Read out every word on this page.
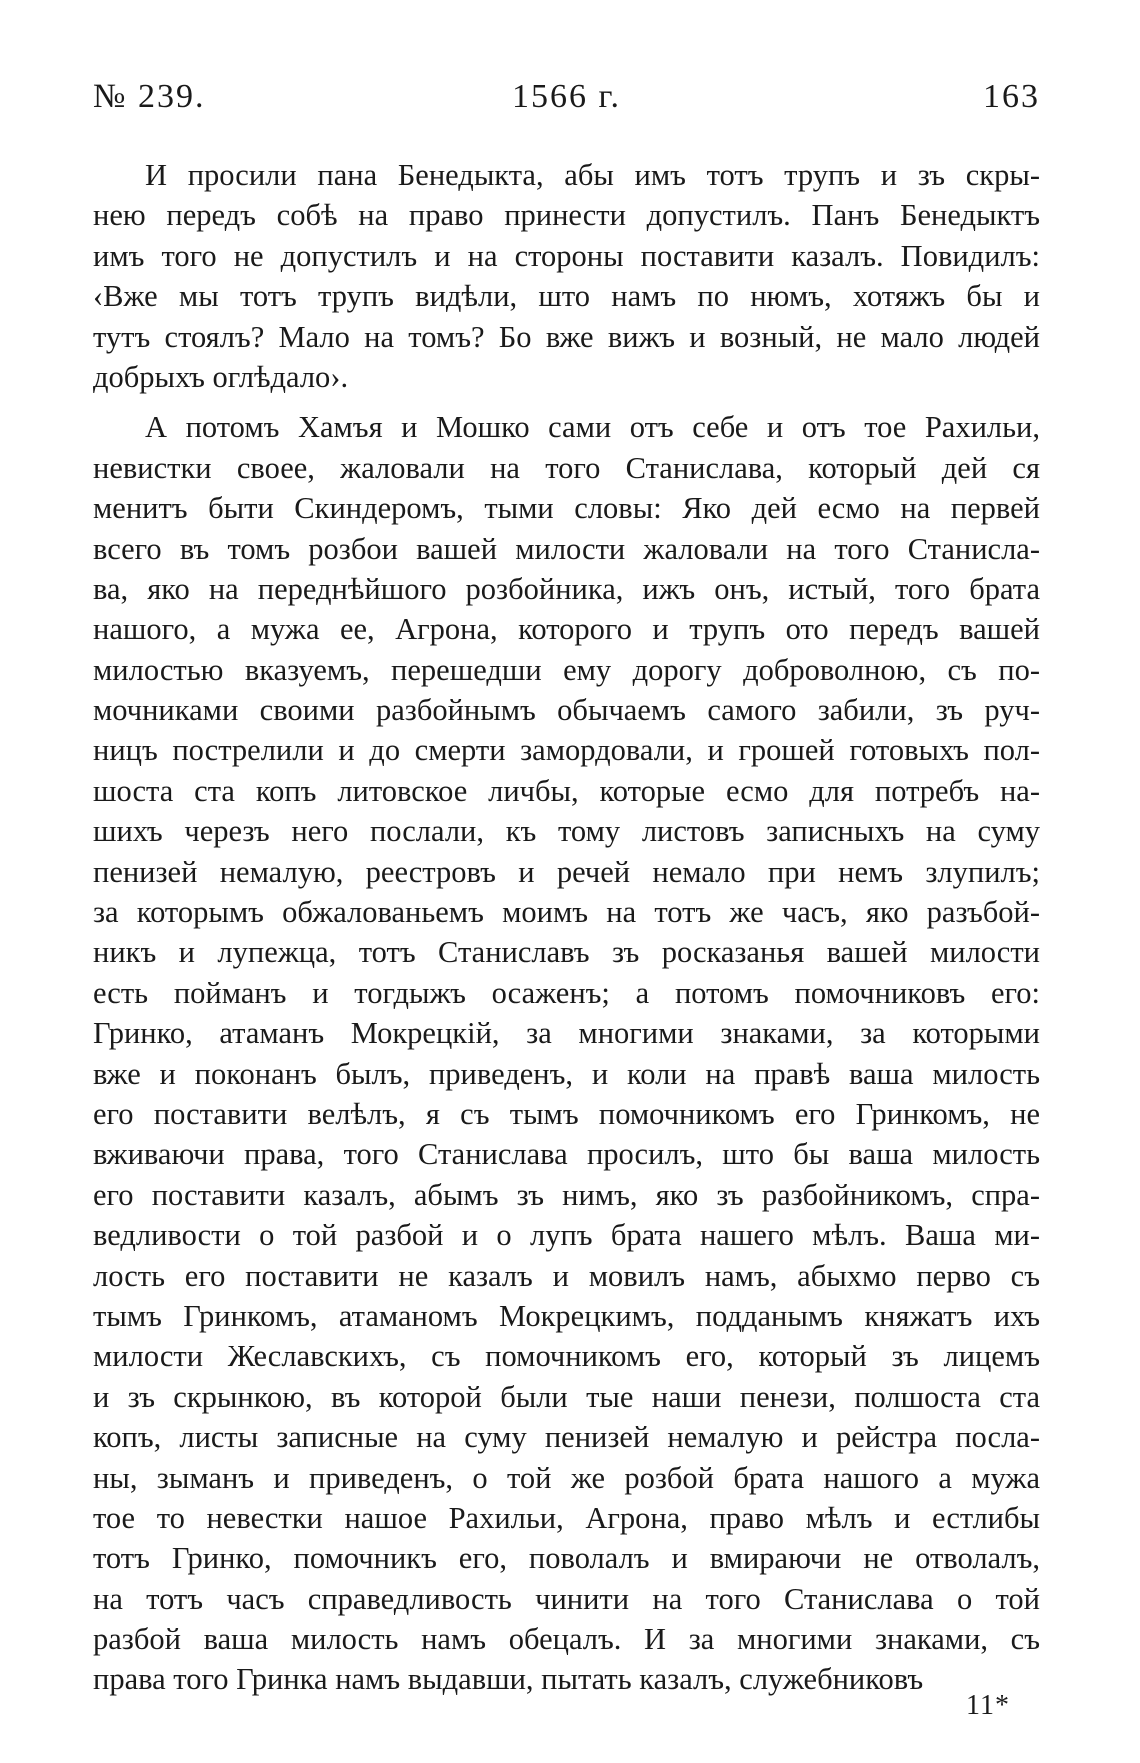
№ 239.	1566 г.	163
И просили пана Бенедыкта, абы имъ тотъ трупъ и зъ скры-
нею передъ собѣ на право принести допустилъ. Панъ Бенедыктъ
имъ того не допустилъ и на стороны поставити казалъ. Повидилъ:
‹Вже мы тотъ трупъ видѣли, што намъ по нюмъ, хотяжъ бы и
тутъ стоялъ? Мало на томъ? Бо вже вижъ и возный, не мало людей
добрыхъ оглѣдало›.
А потомъ Хамъя и Мошко сами отъ себе и отъ тое Рахильи,
невистки своее, жаловали на того Станислава, который дей ся
менитъ быти Скиндеромъ, тыми словы: Яко дей есмо на первей
всего въ томъ розбои вашей милости жаловали на того Станисла-
ва, яко на переднѣйшого розбойника, ижъ онъ, истый, того брата
нашого, а мужа ее, Агрона, которого и трупъ ото передъ вашей
милостью вказуемъ, перешедши ему дорогу доброволною, съ по-
мочниками своими разбойнымъ обычаемъ самого забили, зъ руч-
ницъ пострелили и до смерти замордовали, и грошей готовыхъ пол-
шоста ста копъ литовское личбы, которые есмо для потребъ на-
шихъ черезъ него послали, къ тому листовъ записныхъ на суму
пенизей немалую, реестровъ и речей немало при немъ злупилъ;
за которымъ обжалованьемъ моимъ на тотъ же часъ, яко разъбой-
никъ и лупежца, тотъ Станиславъ зъ росказанья вашей милости
есть пойманъ и тогдыжъ осаженъ; а потомъ помочниковъ его:
Гринко, атаманъ Мокрецкій, за многими знаками, за которыми
вже и поконанъ былъ, приведенъ, и коли на правѣ ваша милость
его поставити велѣлъ, я съ тымъ помочникомъ его Гринкомъ, не
вживаючи права, того Станислава просилъ, што бы ваша милость
его поставити казалъ, абымъ зъ нимъ, яко зъ разбойникомъ, спра-
ведливости о той разбой и о лупъ брата нашего мѣлъ. Ваша ми-
лость его поставити не казалъ и мовилъ намъ, абыхмо перво съ
тымъ Гринкомъ, атаманомъ Мокрецкимъ, подданымъ княжатъ ихъ
милости Жеславскихъ, съ помочникомъ его, который зъ лицемъ
и зъ скрынкою, въ которой были тые наши пенези, полшоста ста
копъ, листы записные на суму пенизей немалую и рейстра посла-
ны, зыманъ и приведенъ, о той же розбой брата нашого а мужа
тое то невестки нашое Рахильи, Агрона, право мѣлъ и естлибы
тотъ Гринко, помочникъ его, поволалъ и вмираючи не отволалъ,
на тотъ часъ справедливость чинити на того Станислава о той
разбой ваша милость намъ обецалъ. И за многими знаками, съ
права того Гринка намъ выдавши, пытать казалъ, служебниковъ
11*
